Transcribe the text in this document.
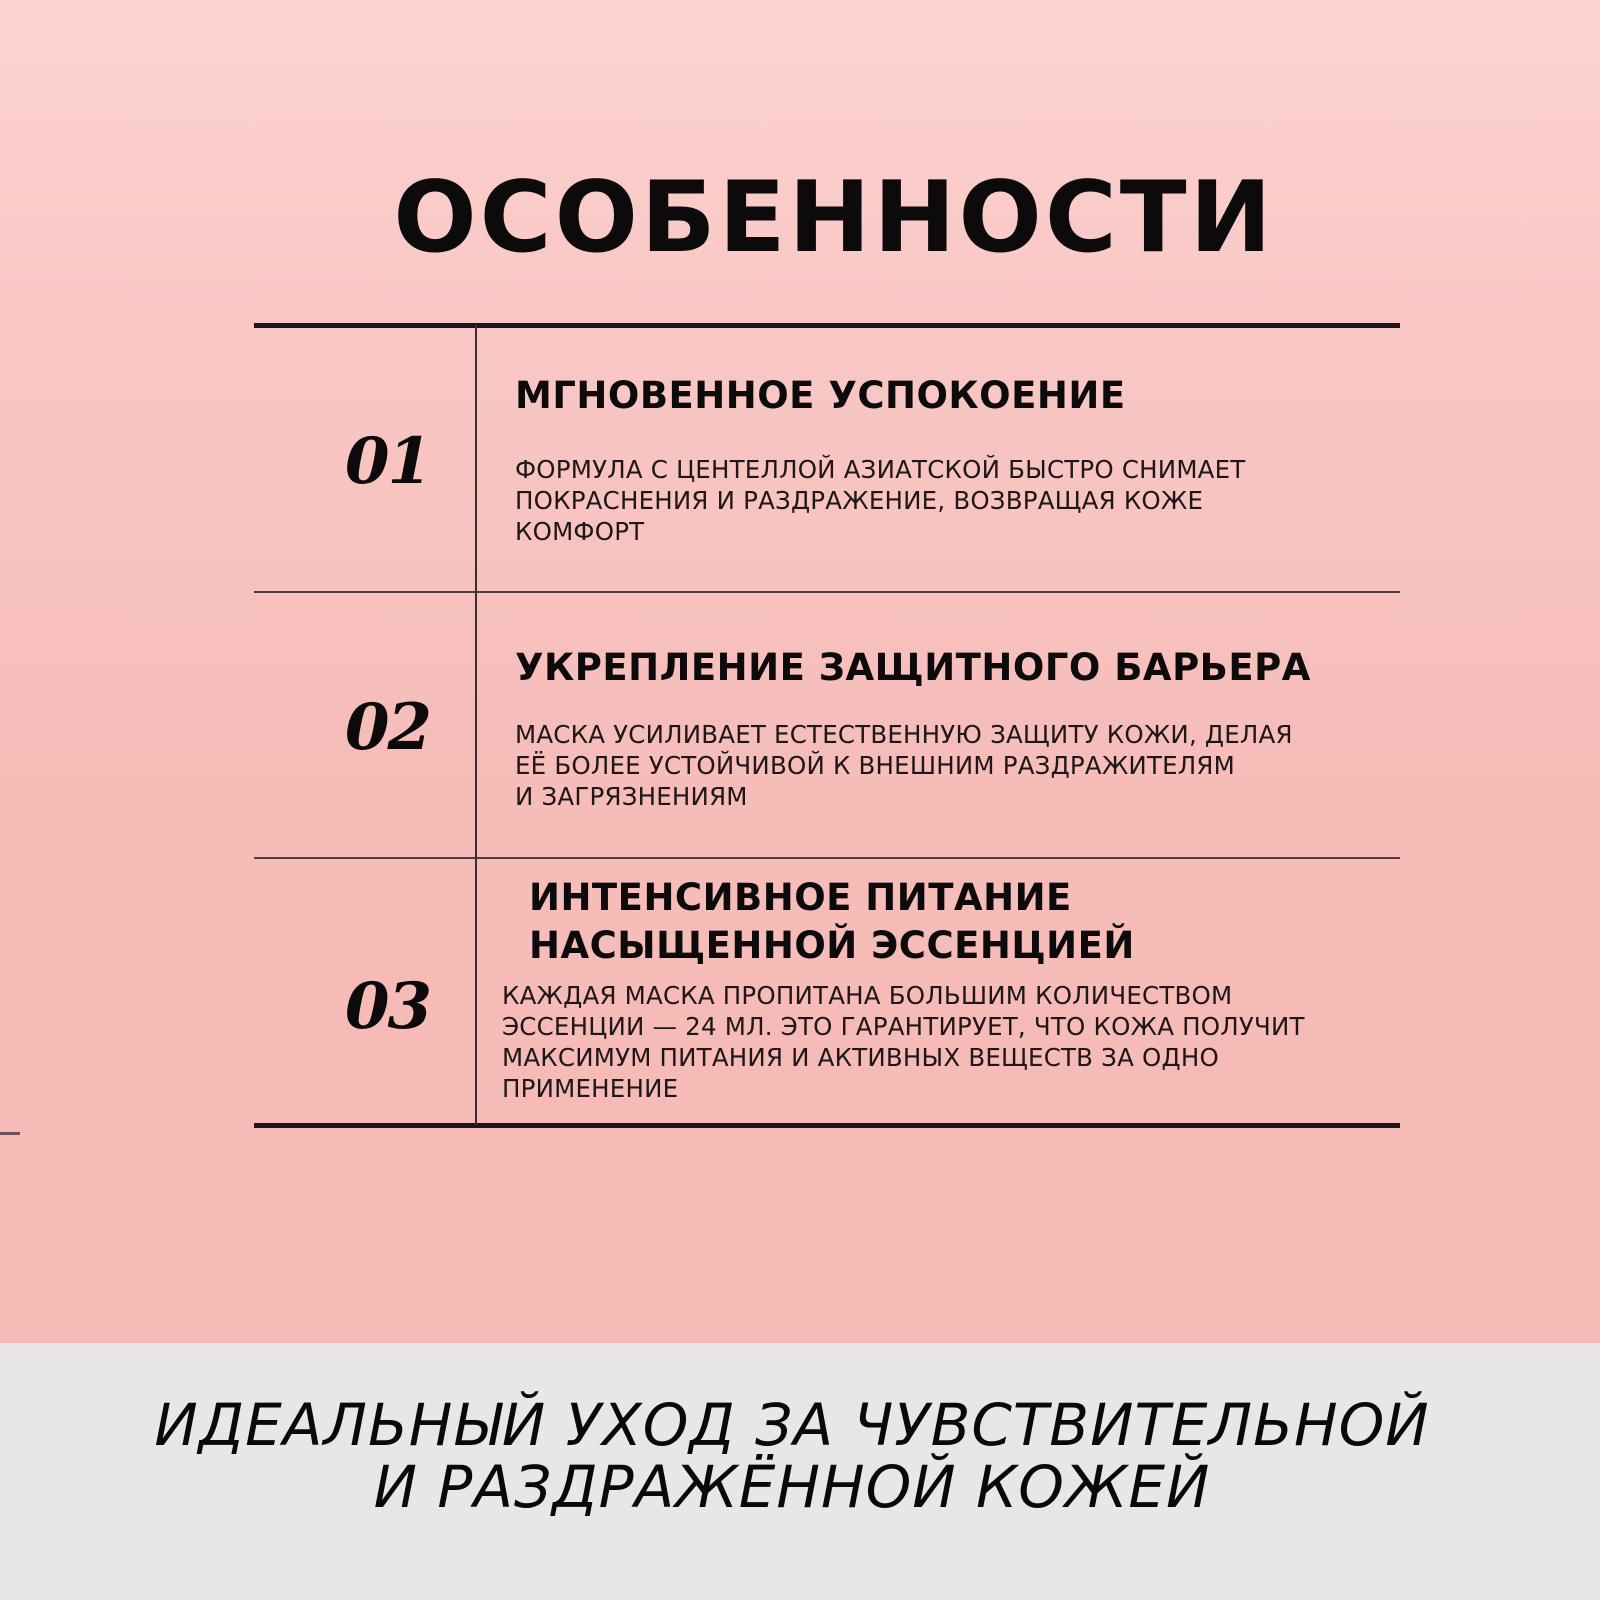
ОСОБЕННОСТИ
01
МГНОВЕННОЕ УСПОКОЕНИЕ
ФОРМУЛА С ЦЕНТЕЛЛОЙ АЗИАТСКОЙ БЫСТРО СНИМАЕТ
ПОКРАСНЕНИЯ И РАЗДРАЖЕНИЕ, ВОЗВРАЩАЯ КОЖЕ
КОМФОРТ
02
УКРЕПЛЕНИЕ ЗАЩИТНОГО БАРЬЕРА
МАСКА УСИЛИВАЕТ ЕСТЕСТВЕННУЮ ЗАЩИТУ КОЖИ, ДЕЛАЯ
ЕЁ БОЛЕЕ УСТОЙЧИВОЙ К ВНЕШНИМ РАЗДРАЖИТЕЛЯМ
И ЗАГРЯЗНЕНИЯМ
03
ИНТЕНСИВНОЕ ПИТАНИЕ
НАСЫЩЕННОЙ ЭССЕНЦИЕЙ
КАЖДАЯ МАСКА ПРОПИТАНА БОЛЬШИМ КОЛИЧЕСТВОМ
ЭССЕНЦИИ — 24 МЛ. ЭТО ГАРАНТИРУЕТ, ЧТО КОЖА ПОЛУЧИТ
МАКСИМУМ ПИТАНИЯ И АКТИВНЫХ ВЕЩЕСТВ ЗА ОДНО
ПРИМЕНЕНИЕ
ИДЕАЛЬНЫЙ УХОД ЗА ЧУВСТВИТЕЛЬНОЙ
И РАЗДРАЖЁННОЙ КОЖЕЙ
